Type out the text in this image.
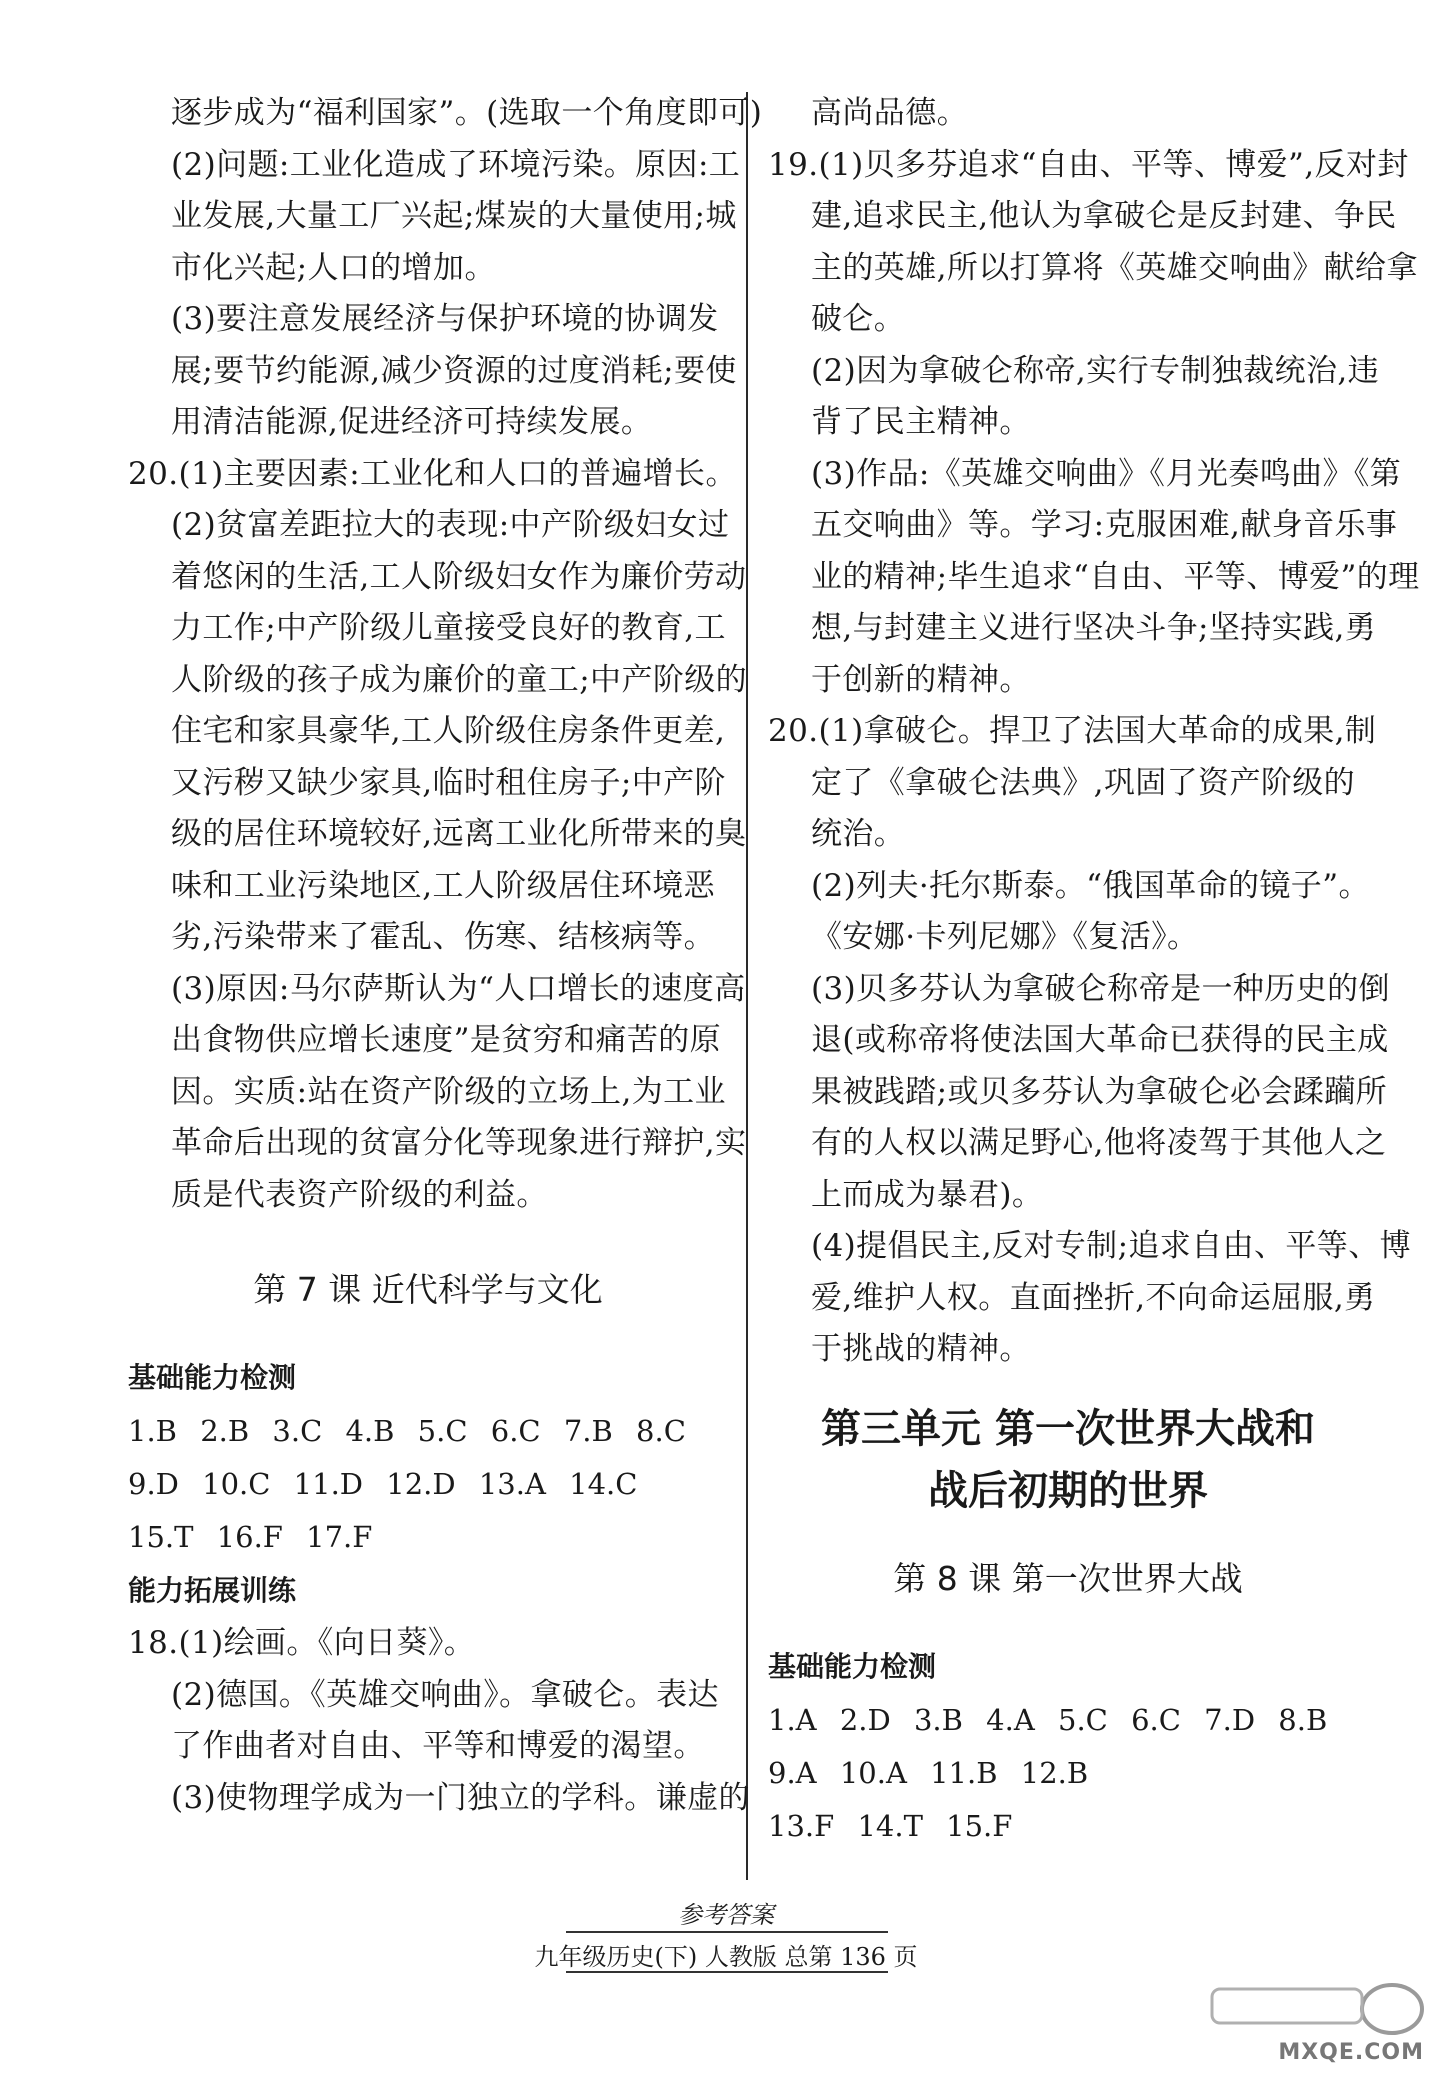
逐步成为“福利国家”。(选取一个角度即可)
(2)问题:工业化造成了环境污染。原因:工
业发展,大量工厂兴起;煤炭的大量使用;城
市化兴起;人口的增加。
(3)要注意发展经济与保护环境的协调发
展;要节约能源,减少资源的过度消耗;要使
用清洁能源,促进经济可持续发展。
20.(1)主要因素:工业化和人口的普遍增长。
(2)贫富差距拉大的表现:中产阶级妇女过
着悠闲的生活,工人阶级妇女作为廉价劳动
力工作;中产阶级儿童接受良好的教育,工
人阶级的孩子成为廉价的童工;中产阶级的
住宅和家具豪华,工人阶级住房条件更差,
又污秽又缺少家具,临时租住房子;中产阶
级的居住环境较好,远离工业化所带来的臭
味和工业污染地区,工人阶级居住环境恶
劣,污染带来了霍乱、伤寒、结核病等。
(3)原因:马尔萨斯认为“人口增长的速度高
出食物供应增长速度”是贫穷和痛苦的原
因。实质:站在资产阶级的立场上,为工业
革命后出现的贫富分化等现象进行辩护,实
质是代表资产阶级的利益。
第 7 课 近代科学与文化
基础能力检测
1.B 2.B 3.C 4.B 5.C 6.C 7.B 8.C
9.D 10.C 11.D 12.D 13.A 14.C
15.T 16.F 17.F
能力拓展训练
18.(1)绘画。《向日葵》。
(2)德国。《英雄交响曲》。拿破仑。表达
了作曲者对自由、平等和博爱的渴望。
(3)使物理学成为一门独立的学科。谦虚的
高尚品德。
19.(1)贝多芬追求“自由、平等、博爱”,反对封
建,追求民主,他认为拿破仑是反封建、争民
主的英雄,所以打算将《英雄交响曲》献给拿
破仑。
(2)因为拿破仑称帝,实行专制独裁统治,违
背了民主精神。
(3)作品:《英雄交响曲》《月光奏鸣曲》《第
五交响曲》等。学习:克服困难,献身音乐事
业的精神;毕生追求“自由、平等、博爱”的理
想,与封建主义进行坚决斗争;坚持实践,勇
于创新的精神。
20.(1)拿破仑。捍卫了法国大革命的成果,制
定了《拿破仑法典》,巩固了资产阶级的
统治。
(2)列夫·托尔斯泰。“俄国革命的镜子”。
《安娜·卡列尼娜》《复活》。
(3)贝多芬认为拿破仑称帝是一种历史的倒
退(或称帝将使法国大革命已获得的民主成
果被践踏;或贝多芬认为拿破仑必会蹂躏所
有的人权以满足野心,他将凌驾于其他人之
上而成为暴君)。
(4)提倡民主,反对专制;追求自由、平等、博
爱,维护人权。直面挫折,不向命运屈服,勇
于挑战的精神。
第三单元 第一次世界大战和
战后初期的世界
第 8 课 第一次世界大战
基础能力检测
1.A 2.D 3.B 4.A 5.C 6.C 7.D 8.B
9.A 10.A 11.B 12.B
13.F 14.T 15.F
参考答案
九年级历史(下) 人教版 总第 136 页
MXQE.COM
